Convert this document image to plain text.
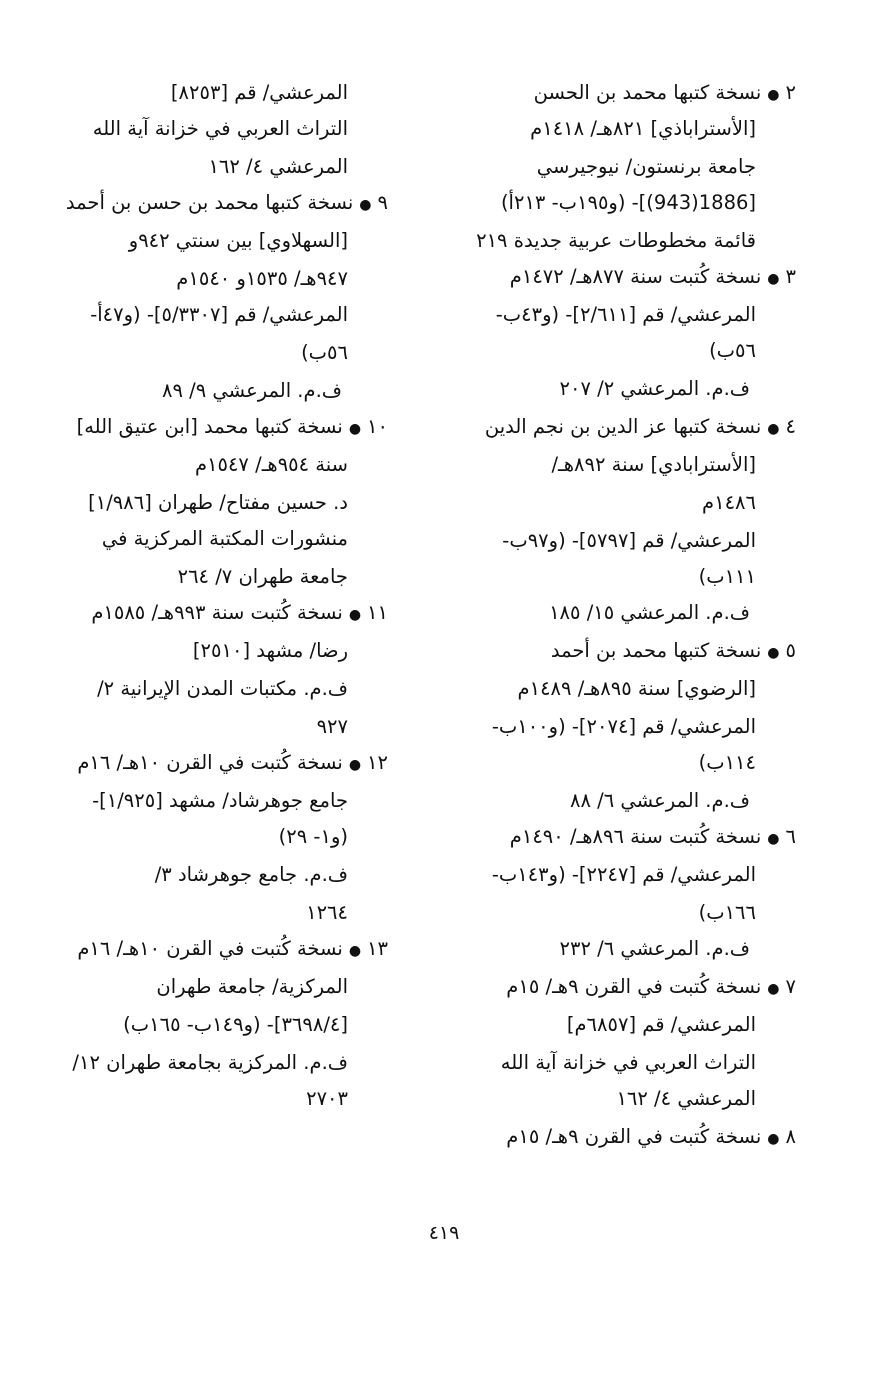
٢●نسخة كتبها محمد بن الحسن
[الأستراباذي] ٨٢١هـ/ ١٤١٨م
جامعة برنستون/ نيوجيرسي
[1886(943)]- (و١٩٥ب- ٢١٣أ)
قائمة مخطوطات عربية جديدة ٢١٩
٣●نسخة كُتبت سنة ٨٧٧هـ/ ١٤٧٢م
المرعشي/ قم [٢/٦١١]- (و٤٣ب-
٥٦ب)
ف.م. المرعشي ٢/ ٢٠٧
٤●نسخة كتبها عز الدين بن نجم الدين
[الأسترابادي] سنة ٨٩٢هـ/
١٤٨٦م
المرعشي/ قم [٥٧٩٧]- (و٩٧ب-
١١١ب)
ف.م. المرعشي ١٥/ ١٨٥
٥●نسخة كتبها محمد بن أحمد
[الرضوي] سنة ٨٩٥هـ/ ١٤٨٩م
المرعشي/ قم [٢٠٧٤]- (و١٠٠ب-
١١٤ب)
ف.م. المرعشي ٦/ ٨٨
٦●نسخة كُتبت سنة ٨٩٦هـ/ ١٤٩٠م
المرعشي/ قم [٢٢٤٧]- (و١٤٣ب-
١٦٦ب)
ف.م. المرعشي ٦/ ٢٣٢
٧●نسخة كُتبت في القرن ٩هـ/ ١٥م
المرعشي/ قم [٦٨٥٧م]
التراث العربي في خزانة آية الله
المرعشي ٤/ ١٦٢
٨●نسخة كُتبت في القرن ٩هـ/ ١٥م
المرعشي/ قم [٨٢٥٣]
التراث العربي في خزانة آية الله
المرعشي ٤/ ١٦٢
٩●نسخة كتبها محمد بن حسن بن أحمد
[السهلاوي] بين سنتي ٩٤٢و
٩٤٧هـ/ ١٥٣٥و ١٥٤٠م
المرعشي/ قم [٥/٣٣٠٧]- (و٤٧أ-
٥٦ب)
ف.م. المرعشي ٩/ ٨٩
١٠●نسخة كتبها محمد [ابن عتيق الله]
سنة ٩٥٤هـ/ ١٥٤٧م
د. حسين مفتاح/ طهران [١/٩٨٦]
منشورات المكتبة المركزية في
جامعة طهران ٧/ ٢٦٤
١١●نسخة كُتبت سنة ٩٩٣هـ/ ١٥٨٥م
رضا/ مشهد [٢٥١٠]
ف.م. مكتبات المدن الإيرانية ٢/
٩٢٧
١٢●نسخة كُتبت في القرن ١٠هـ/ ١٦م
جامع جوهرشاد/ مشهد [١/٩٢٥]-
(و١- ٢٩)
ف.م. جامع جوهرشاد ٣/
١٢٦٤
١٣●نسخة كُتبت في القرن ١٠هـ/ ١٦م
المركزية/ جامعة طهران
[٣٦٩٨/٤]- (و١٤٩ب- ١٦٥ب)
ف.م. المركزية بجامعة طهران ١٢/
٢٧٠٣
٤١٩
